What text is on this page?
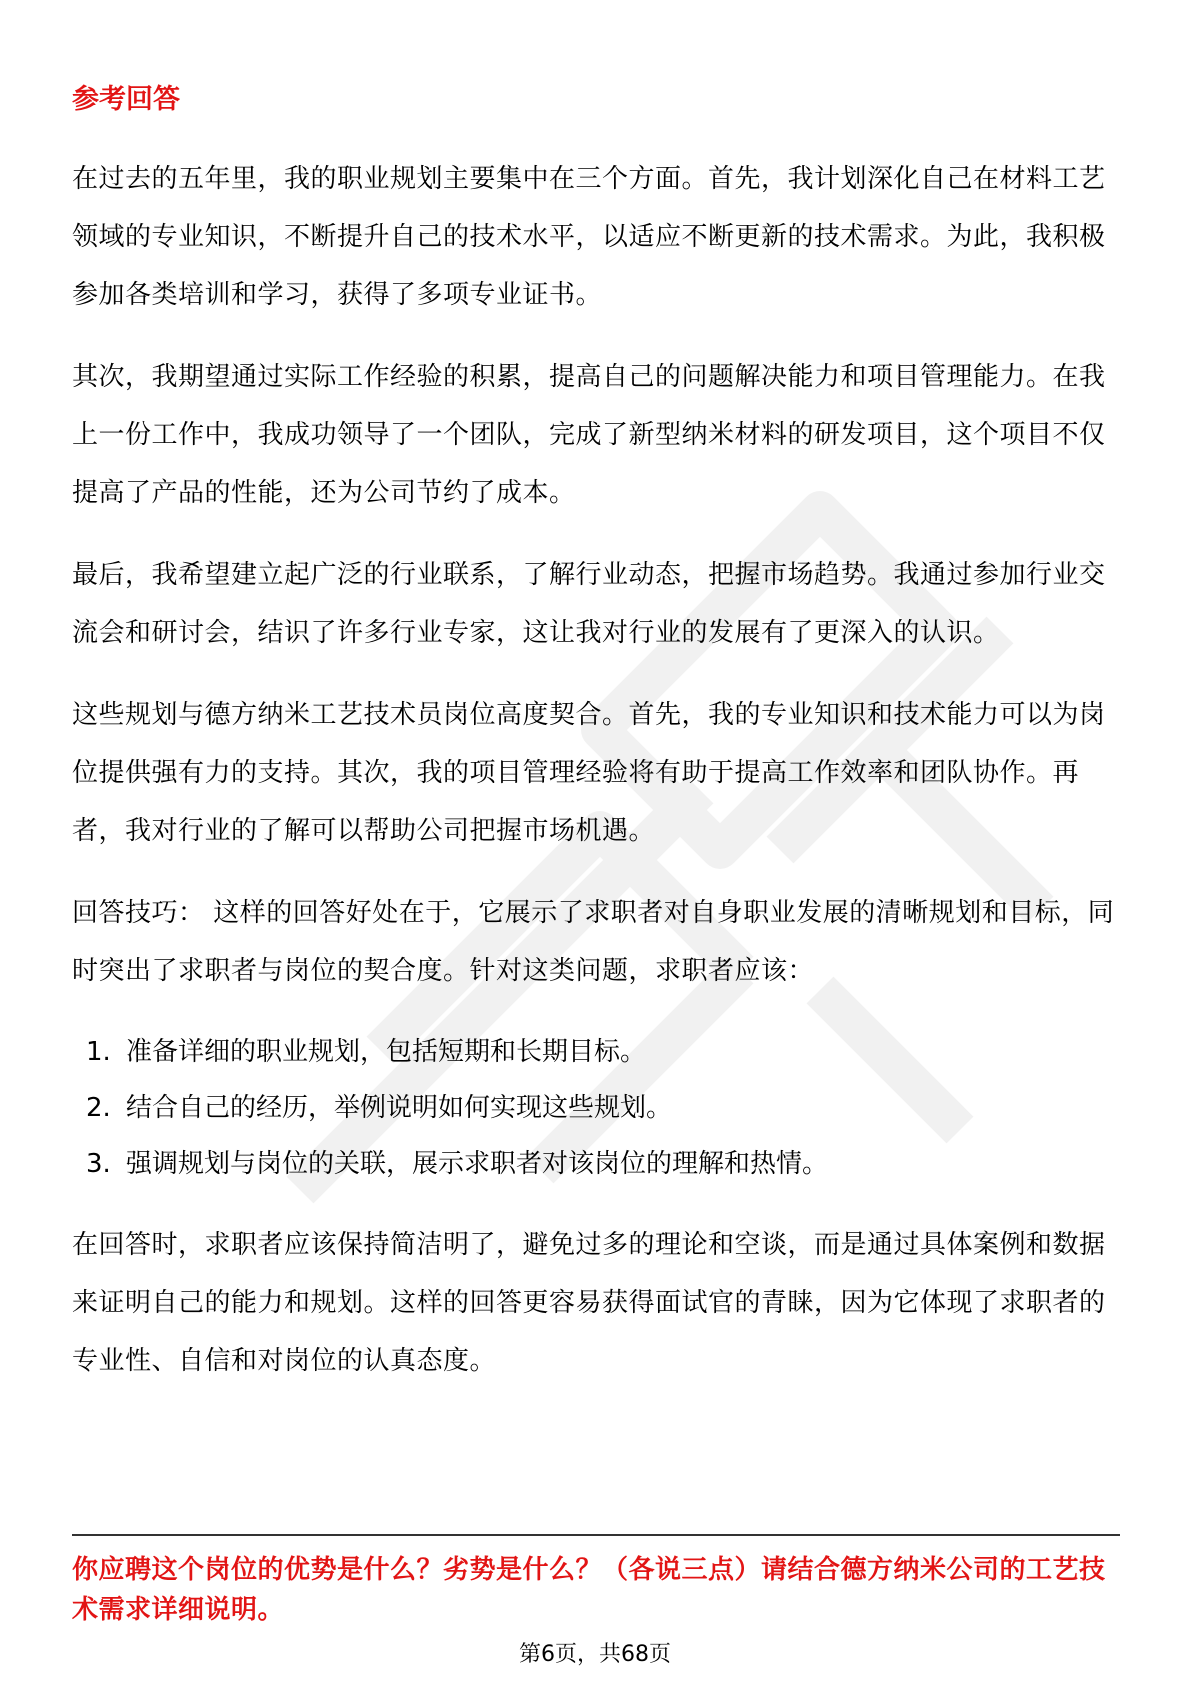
参考回答

在过去的五年里，我的职业规划主要集中在三个方面。首先，我计划深化自己在材料工艺领域的专业知识，不断提升自己的技术水平，以适应不断更新的技术需求。为此，我积极参加各类培训和学习，获得了多项专业证书。

其次，我期望通过实际工作经验的积累，提高自己的问题解决能力和项目管理能力。在我上一份工作中，我成功领导了一个团队，完成了新型纳米材料的研发项目，这个项目不仅提高了产品的性能，还为公司节约了成本。

最后，我希望建立起广泛的行业联系，了解行业动态，把握市场趋势。我通过参加行业交流会和研讨会，结识了许多行业专家，这让我对行业的发展有了更深入的认识。

这些规划与德方纳米工艺技术员岗位高度契合。首先，我的专业知识和技术能力可以为岗位提供强有力的支持。其次，我的项目管理经验将有助于提高工作效率和团队协作。再者，我对行业的了解可以帮助公司把握市场机遇。

回答技巧： 这样的回答好处在于，它展示了求职者对自身职业发展的清晰规划和目标，同时突出了求职者与岗位的契合度。针对这类问题，求职者应该：

1. 准备详细的职业规划，包括短期和长期目标。
2. 结合自己的经历，举例说明如何实现这些规划。
3. 强调规划与岗位的关联，展示求职者对该岗位的理解和热情。

在回答时，求职者应该保持简洁明了，避免过多的理论和空谈，而是通过具体案例和数据来证明自己的能力和规划。这样的回答更容易获得面试官的青睐，因为它体现了求职者的专业性、自信和对岗位的认真态度。

你应聘这个岗位的优势是什么？劣势是什么？（各说三点）请结合德方纳米公司的工艺技术需求详细说明。
第6页，共68页
